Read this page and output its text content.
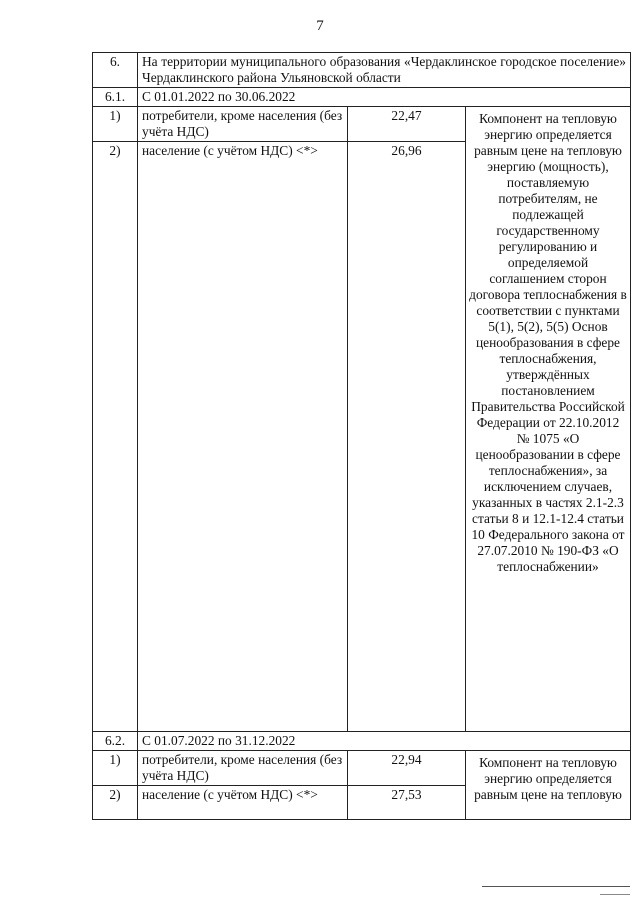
7
6.	На территории муниципального образования «Чердаклинское городское поселение» Чердаклинского района Ульяновской области		
6.1.	С 01.01.2022 по 30.06.2022		
1)	потребители, кроме населения (без учёта НДС)	22,47	Компонент на тепловую энергию определяется равным цене на тепловую энергию (мощность), поставляемую потребителям, не подлежащей государственному регулированию и определяемой соглашением сторон договора теплоснабжения в соответствии с пунктами 5(1), 5(2), 5(5) Основ ценообразования в сфере теплоснабжения, утверждённых постановлением Правительства Российской Федерации от 22.10.2012 № 1075 «О ценообразовании в сфере теплоснабжения», за исключением случаев, указанных в частях 2.1-2.3 статьи 8 и 12.1-12.4 статьи 10 Федерального закона от 27.07.2010 № 190-ФЗ «О теплоснабжении»
2)	население (с учётом НДС) <*>	26,96	
6.2.	С 01.07.2022 по 31.12.2022		
1)	потребители, кроме населения (без учёта НДС)	22,94	Компонент на тепловую энергию определяется равным цене на тепловую
2)	население (с учётом НДС) <*>	27,53	
